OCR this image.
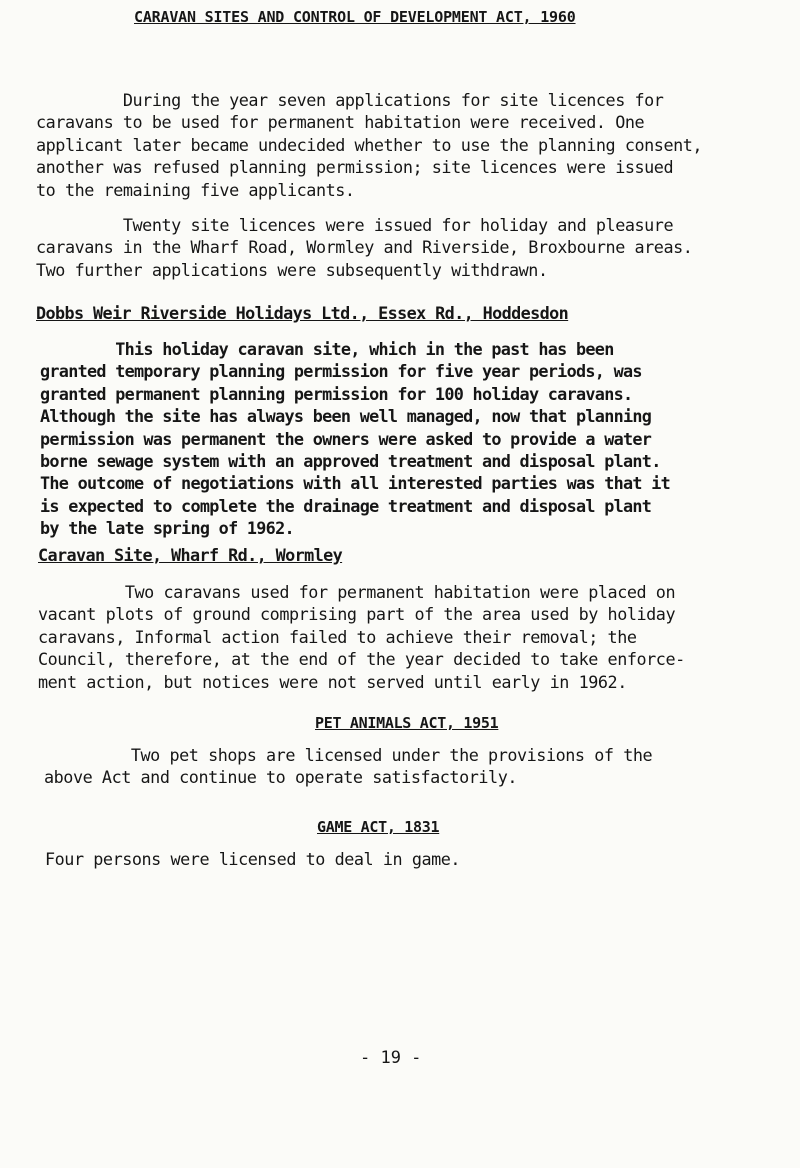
CARAVAN SITES AND CONTROL OF DEVELOPMENT ACT, 1960

During the year seven applications for site licences for
caravans to be used for permanent habitation were received. One
applicant later became undecided whether to use the planning consent,
another was refused planning permission; site licences were issued
to the remaining five applicants.

Twenty site licences were issued for holiday and pleasure
caravans in the Wharf Road, Wormley and Riverside, Broxbourne areas.
Two further applications were subsequently withdrawn.

Dobbs Weir Riverside Holidays Ltd., Essex Rd., Hoddesdon

This holiday caravan site, which in the past has been
granted temporary planning permission for five year periods, was
granted permanent planning permission for 100 holiday caravans.
Although the site has always been well managed, now that planning
permission was permanent the owners were asked to provide a water
borne sewage system with an approved treatment and disposal plant.
The outcome of negotiations with all interested parties was that it
is expected to complete the drainage treatment and disposal plant
by the late spring of 1962.

Caravan Site, Wharf Rd., Wormley

Two caravans used for permanent habitation were placed on
vacant plots of ground comprising part of the area used by holiday
caravans, Informal action failed to achieve their removal; the
Council, therefore, at the end of the year decided to take enforce-
ment action, but notices were not served until early in 1962.

PET ANIMALS ACT, 1951

Two pet shops are licensed under the provisions of the
above Act and continue to operate satisfactorily.

GAME ACT, 1831

Four persons were licensed to deal in game.

- 19 -
